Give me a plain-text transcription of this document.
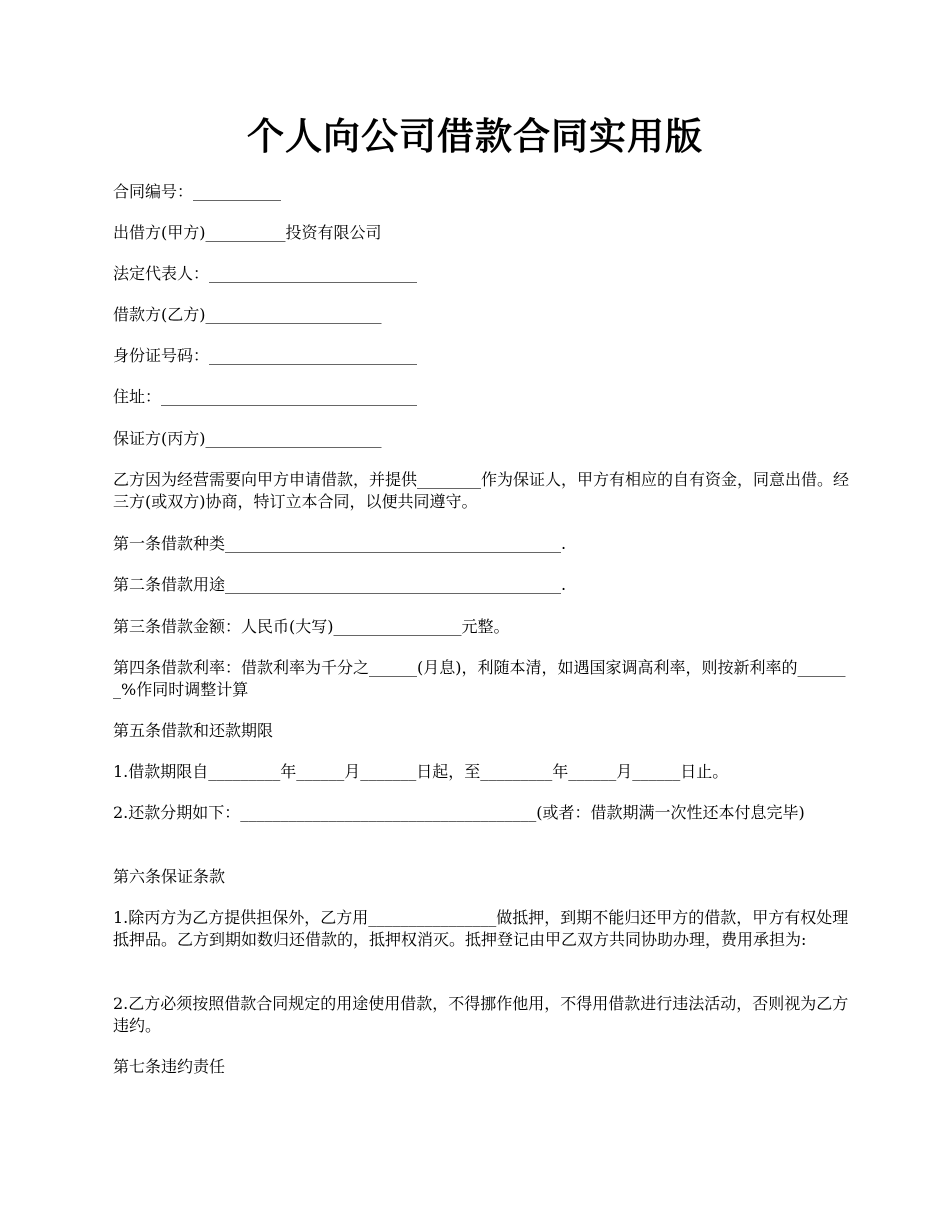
个人向公司借款合同实用版

合同编号：___________

出借方(甲方)__________投资有限公司

法定代表人：__________________________

借款方(乙方)______________________

身份证号码：__________________________

住址：________________________________

保证方(丙方)______________________

乙方因为经营需要向甲方申请借款，并提供________作为保证人，甲方有相应的自有资金，同意出借。经三方(或双方)协商，特订立本合同，以便共同遵守。

第一条借款种类__________________________________________.

第二条借款用途__________________________________________.

第三条借款金额：人民币(大写)________________元整。

第四条借款利率：借款利率为千分之______(月息)，利随本清，如遇国家调高利率，则按新利率的_______%作同时调整计算

第五条借款和还款期限

1.借款期限自_________年______月_______日起，至_________年______月______日止。

2.还款分期如下：_____________________________________(或者：借款期满一次性还本付息完毕)

第六条保证条款

1.除丙方为乙方提供担保外，乙方用________________做抵押，到期不能归还甲方的借款，甲方有权处理抵押品。乙方到期如数归还借款的，抵押权消灭。抵押登记由甲乙双方共同协助办理，费用承担为:

2.乙方必须按照借款合同规定的用途使用借款，不得挪作他用，不得用借款进行违法活动，否则视为乙方违约。

第七条违约责任
